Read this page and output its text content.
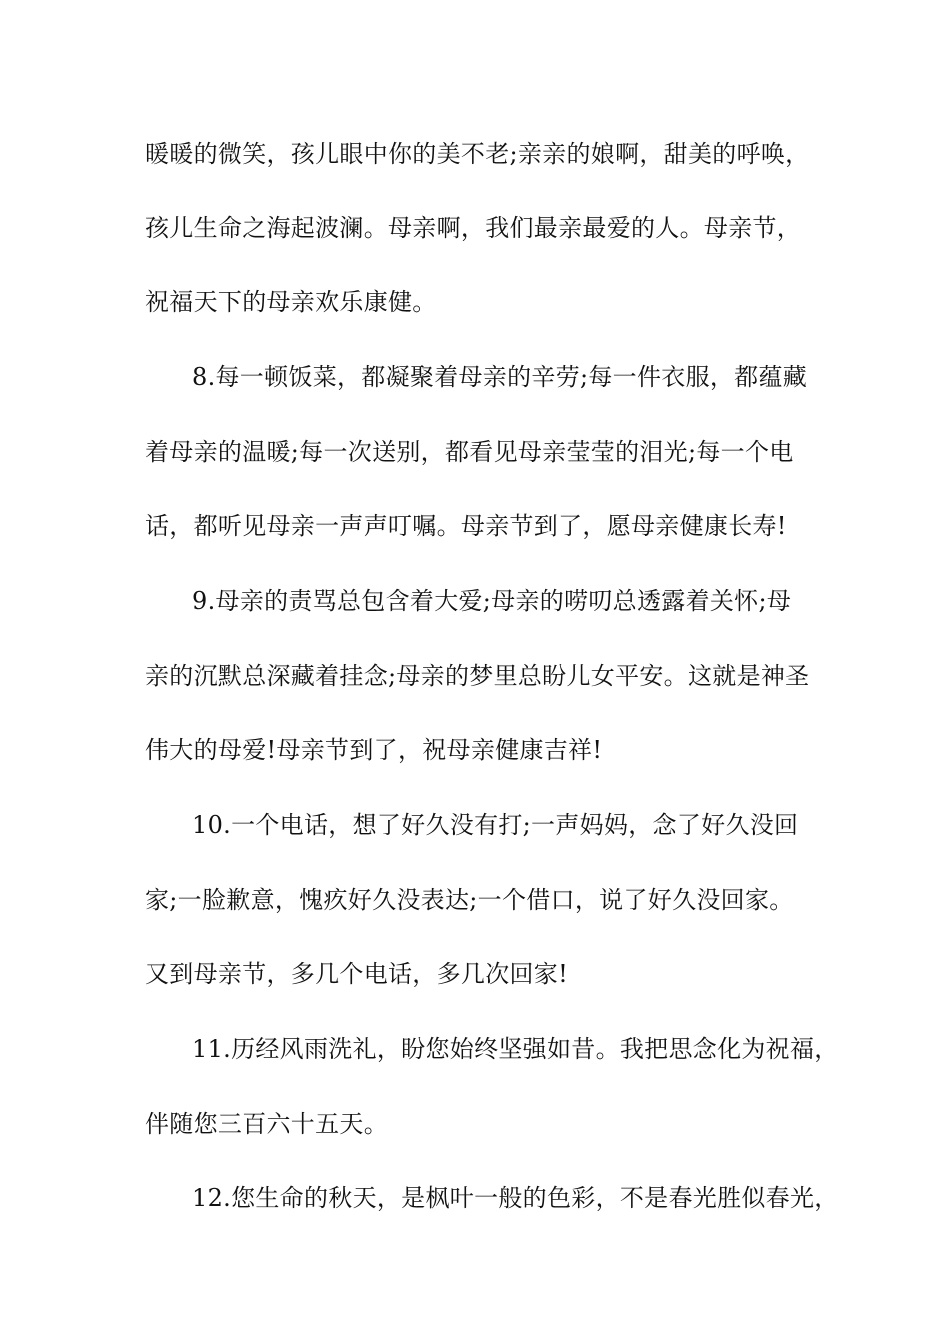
暖暖的微笑，孩儿眼中你的美不老;亲亲的娘啊，甜美的呼唤，

孩儿生命之海起波澜。母亲啊，我们最亲最爱的人。母亲节，

祝福天下的母亲欢乐康健。

8.每一顿饭菜，都凝聚着母亲的辛劳;每一件衣服，都蕴藏

着母亲的温暖;每一次送别，都看见母亲莹莹的泪光;每一个电

话，都听见母亲一声声叮嘱。母亲节到了，愿母亲健康长寿!

9.母亲的责骂总包含着大爱;母亲的唠叨总透露着关怀;母

亲的沉默总深藏着挂念;母亲的梦里总盼儿女平安。这就是神圣

伟大的母爱!母亲节到了，祝母亲健康吉祥!

10.一个电话，想了好久没有打;一声妈妈，念了好久没回

家;一脸歉意，愧疚好久没表达;一个借口，说了好久没回家。

又到母亲节，多几个电话，多几次回家!

11.历经风雨洗礼，盼您始终坚强如昔。我把思念化为祝福，

伴随您三百六十五天。

12.您生命的秋天，是枫叶一般的色彩，不是春光胜似春光，
